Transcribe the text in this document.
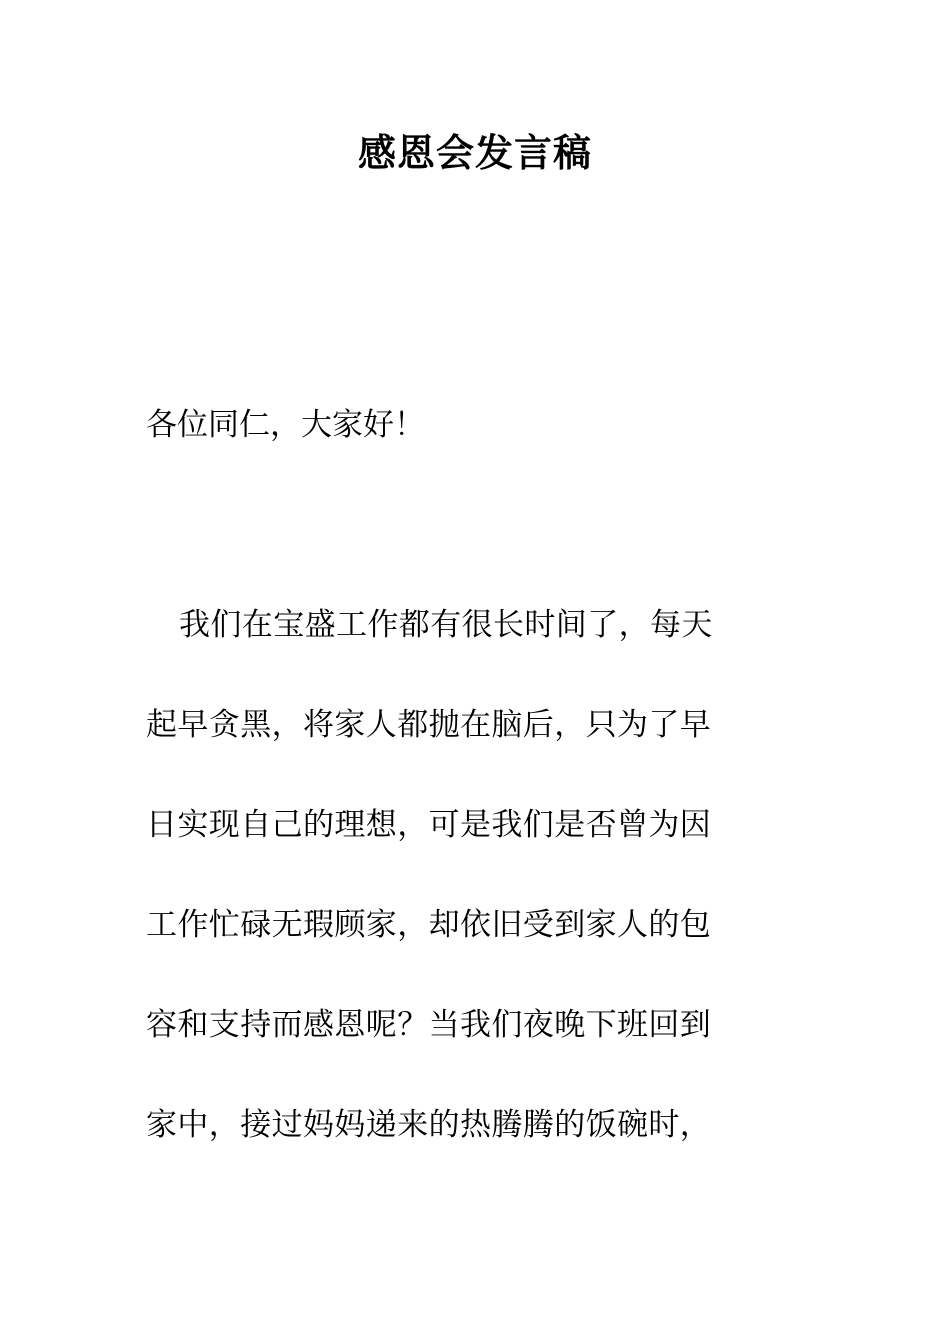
感恩会发言稿
各位同仁，大家好！
我们在宝盛工作都有很长时间了，每天
起早贪黑，将家人都抛在脑后，只为了早
日实现自己的理想，可是我们是否曾为因
工作忙碌无瑕顾家，却依旧受到家人的包
容和支持而感恩呢？当我们夜晚下班回到
家中，接过妈妈递来的热腾腾的饭碗时，
